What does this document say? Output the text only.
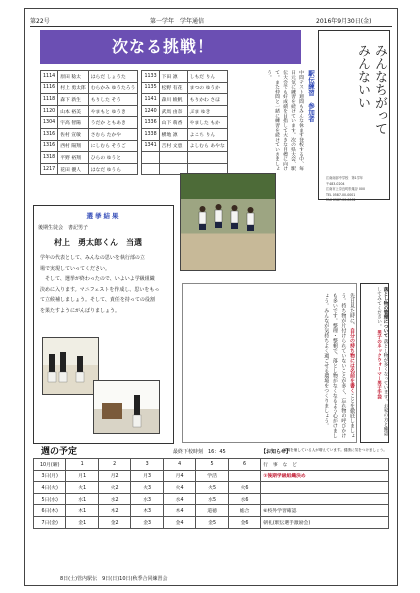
第22号	第一学年　学年通信	2016年9月30日(金)
次なる挑戦！	みんなちがって
みんないい
江南南部中学校　第1学年
〒483-0204
江南市上奈良町松葉谷 000
TEL 0587-00-0001
FAX 0587-00-0002
1114	原田 稔太	はらだ しょうた		1133	下田 凛	しもだ りん
1116	村上 勇太郎	むらかみ ゆうたろう		1135	松野 有花	まつの ゆうか
1118	森下 新生	もりした そう		1141	森川 綾帆	もりかわ さほ
1120	山本 裕美	やまもと ゆうき		1240	武馬 由奈	ぶま ゆき
1304	宇高 智陽	うだか ともあき		1336	山下 萌香	やました もか
1316	佐村 宣敏	さむら たかや		1338	横地 凛	よこち りん
1316	西村 陽翔	にしむら そうご		1341	吉村 文恵	よしむら あやな
1318	平野 裕翔	ひらの ゆうと				
1217	花田 優人	はなだ ゆうら				
駅伝練習　参加者
中間テスト週間もみんな休まず登校する中、毎日元気に練習を続けています。次の県大会、駅伝大会でも好成績を目指して大きな目標に向けて。また仲間と一緒に練習を続けていきましょう。
選挙結果
後期生徒会　書記男子
村上　勇太郎くん　当選
学年の代表として、みんなの思いを執行部の立
場で実現していってください。
　そして、選挙が終わったので、いよいよ学級組織
決めに入ります。マニフェストを作成し、思いをもっ
て立候補しましょう。そして、責任を持っての役割
を果たすようにがんばりましょう。	先日見た時に、自分の持ち物には名前を書くことを徹底しましょう。持ち物が片付けられていないことが多く、忘れ物の呼びかけも多いです。整理・整頓で、落とし物がなくなるよう心がけましょう。みんなが気持ちよく過ごせる環境をつくりましょう。	落とし物の管理について 落とし物が多くなっています。お家の方と確認してみてください。 男子のネックウォーマー男子手袋
週の予定	最終下校時刻　16：45	【お知らせ】
体調を崩している人が増えています。健康に気をつけましょう。
10月(曜)	1	2	3	4	5	6	行　事　な　ど
3日(月)	月1	月2	月3	月4	学活		①後期学級組織決め
4日(火)	火1	火2	火3	火4	火5	火6	
5日(水)	水1	水2	水3	水4	水5	水6	
6日(木)	木1	木2	木3	木4	道徳	総合	⑥校外学習確認
7日(金)	金1	金2	金3	金4	金5	金6	朝礼(駅伝選手激励会)
8日(土)管内駅伝　9日(日)10日(秋季合同練習会
